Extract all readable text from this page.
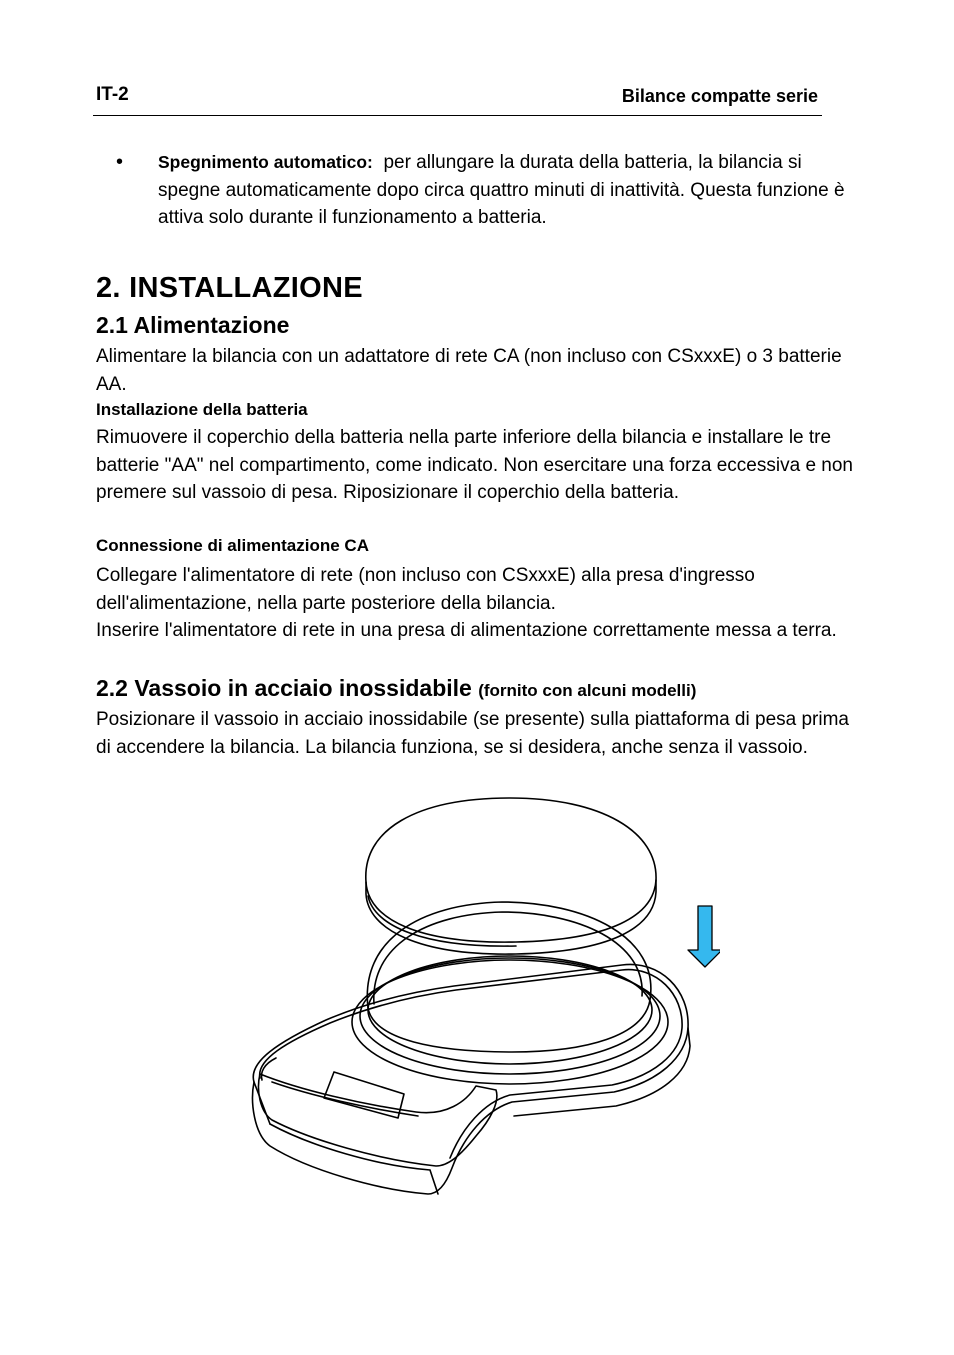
IT-2	Bilance compatte serie
• Spegnimento automatico: per allungare la durata della batteria, la bilancia si spegne automaticamente dopo circa quattro minuti di inattività. Questa funzione è attiva solo durante il funzionamento a batteria.
2. INSTALLAZIONE
2.1 Alimentazione
Alimentare la bilancia con un adattatore di rete CA (non incluso con CSxxxE) o 3 batterie AA.
Installazione della batteria
Rimuovere il coperchio della batteria nella parte inferiore della bilancia e installare le tre batterie "AA" nel compartimento, come indicato. Non esercitare una forza eccessiva e non premere sul vassoio di pesa. Riposizionare il coperchio della batteria.
Connessione di alimentazione CA
Collegare l'alimentatore di rete (non incluso con CSxxxE) alla presa d'ingresso dell'alimentazione, nella parte posteriore della bilancia.
Inserire l'alimentatore di rete in una presa di alimentazione correttamente messa a terra.
2.2 Vassoio in acciaio inossidabile (fornito con alcuni modelli)
Posizionare il vassoio in acciaio inossidabile (se presente) sulla piattaforma di pesa prima di accendere la bilancia. La bilancia funziona, se si desidera, anche senza il vassoio.
